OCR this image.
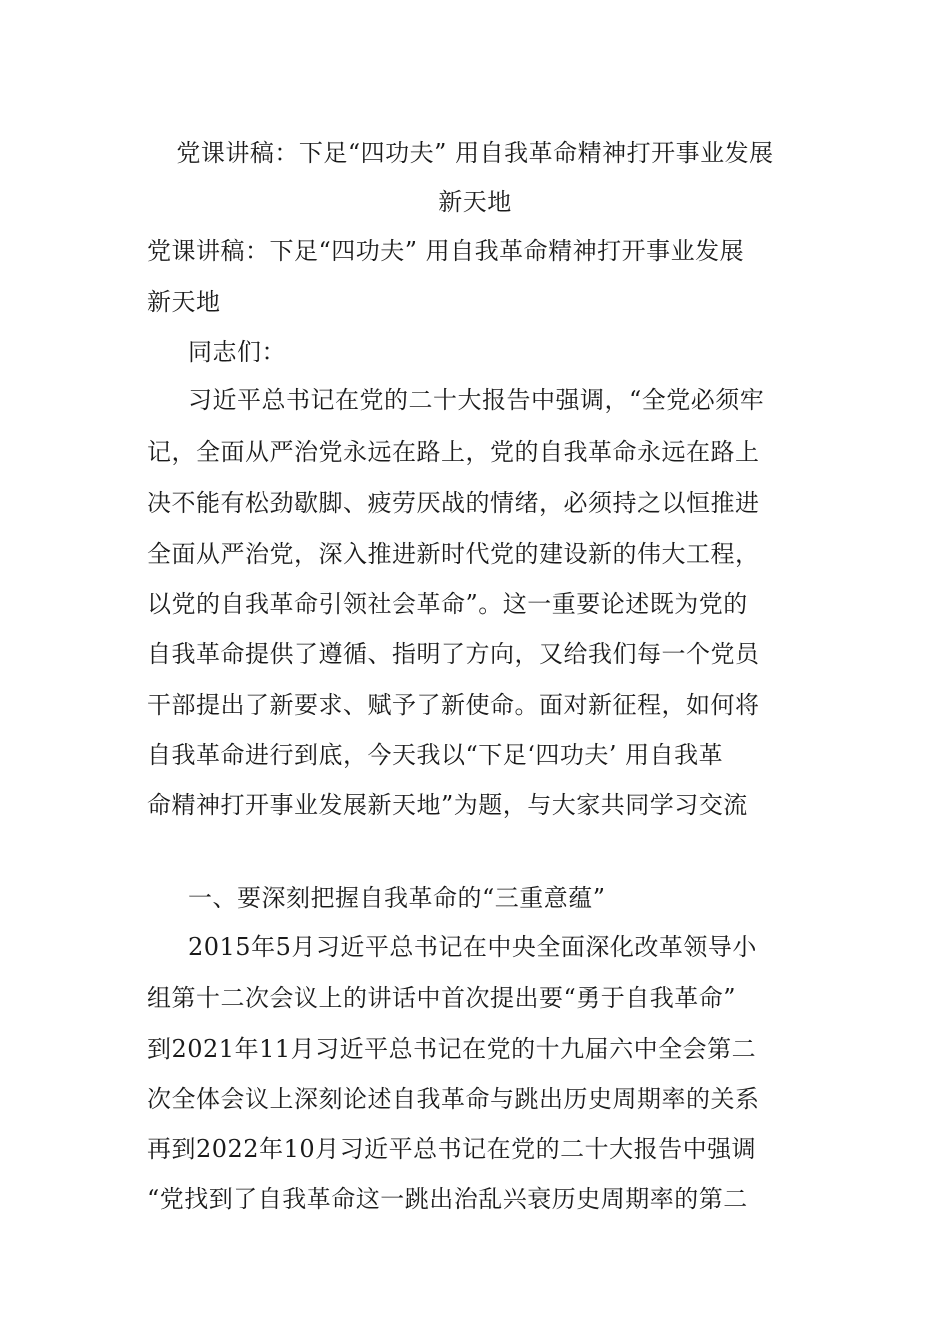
党课讲稿：下足“四功夫” 用自我革命精神打开事业发展
新天地
党课讲稿：下足“四功夫” 用自我革命精神打开事业发展
新天地
同志们：
习近平总书记在党的二十大报告中强调，“全党必须牢
记，全面从严治党永远在路上，党的自我革命永远在路上
决不能有松劲歇脚、疲劳厌战的情绪，必须持之以恒推进
全面从严治党，深入推进新时代党的建设新的伟大工程，
以党的自我革命引领社会革命”。这一重要论述既为党的
自我革命提供了遵循、指明了方向，又给我们每一个党员
干部提出了新要求、赋予了新使命。面对新征程，如何将
自我革命进行到底，今天我以“下足‘四功夫’ 用自我革
命精神打开事业发展新天地”为题，与大家共同学习交流
一、要深刻把握自我革命的“三重意蕴”
2015年5月习近平总书记在中央全面深化改革领导小
组第十二次会议上的讲话中首次提出要“勇于自我革命”
到2021年11月习近平总书记在党的十九届六中全会第二
次全体会议上深刻论述自我革命与跳出历史周期率的关系
再到2022年10月习近平总书记在党的二十大报告中强调
“党找到了自我革命这一跳出治乱兴衰历史周期率的第二
